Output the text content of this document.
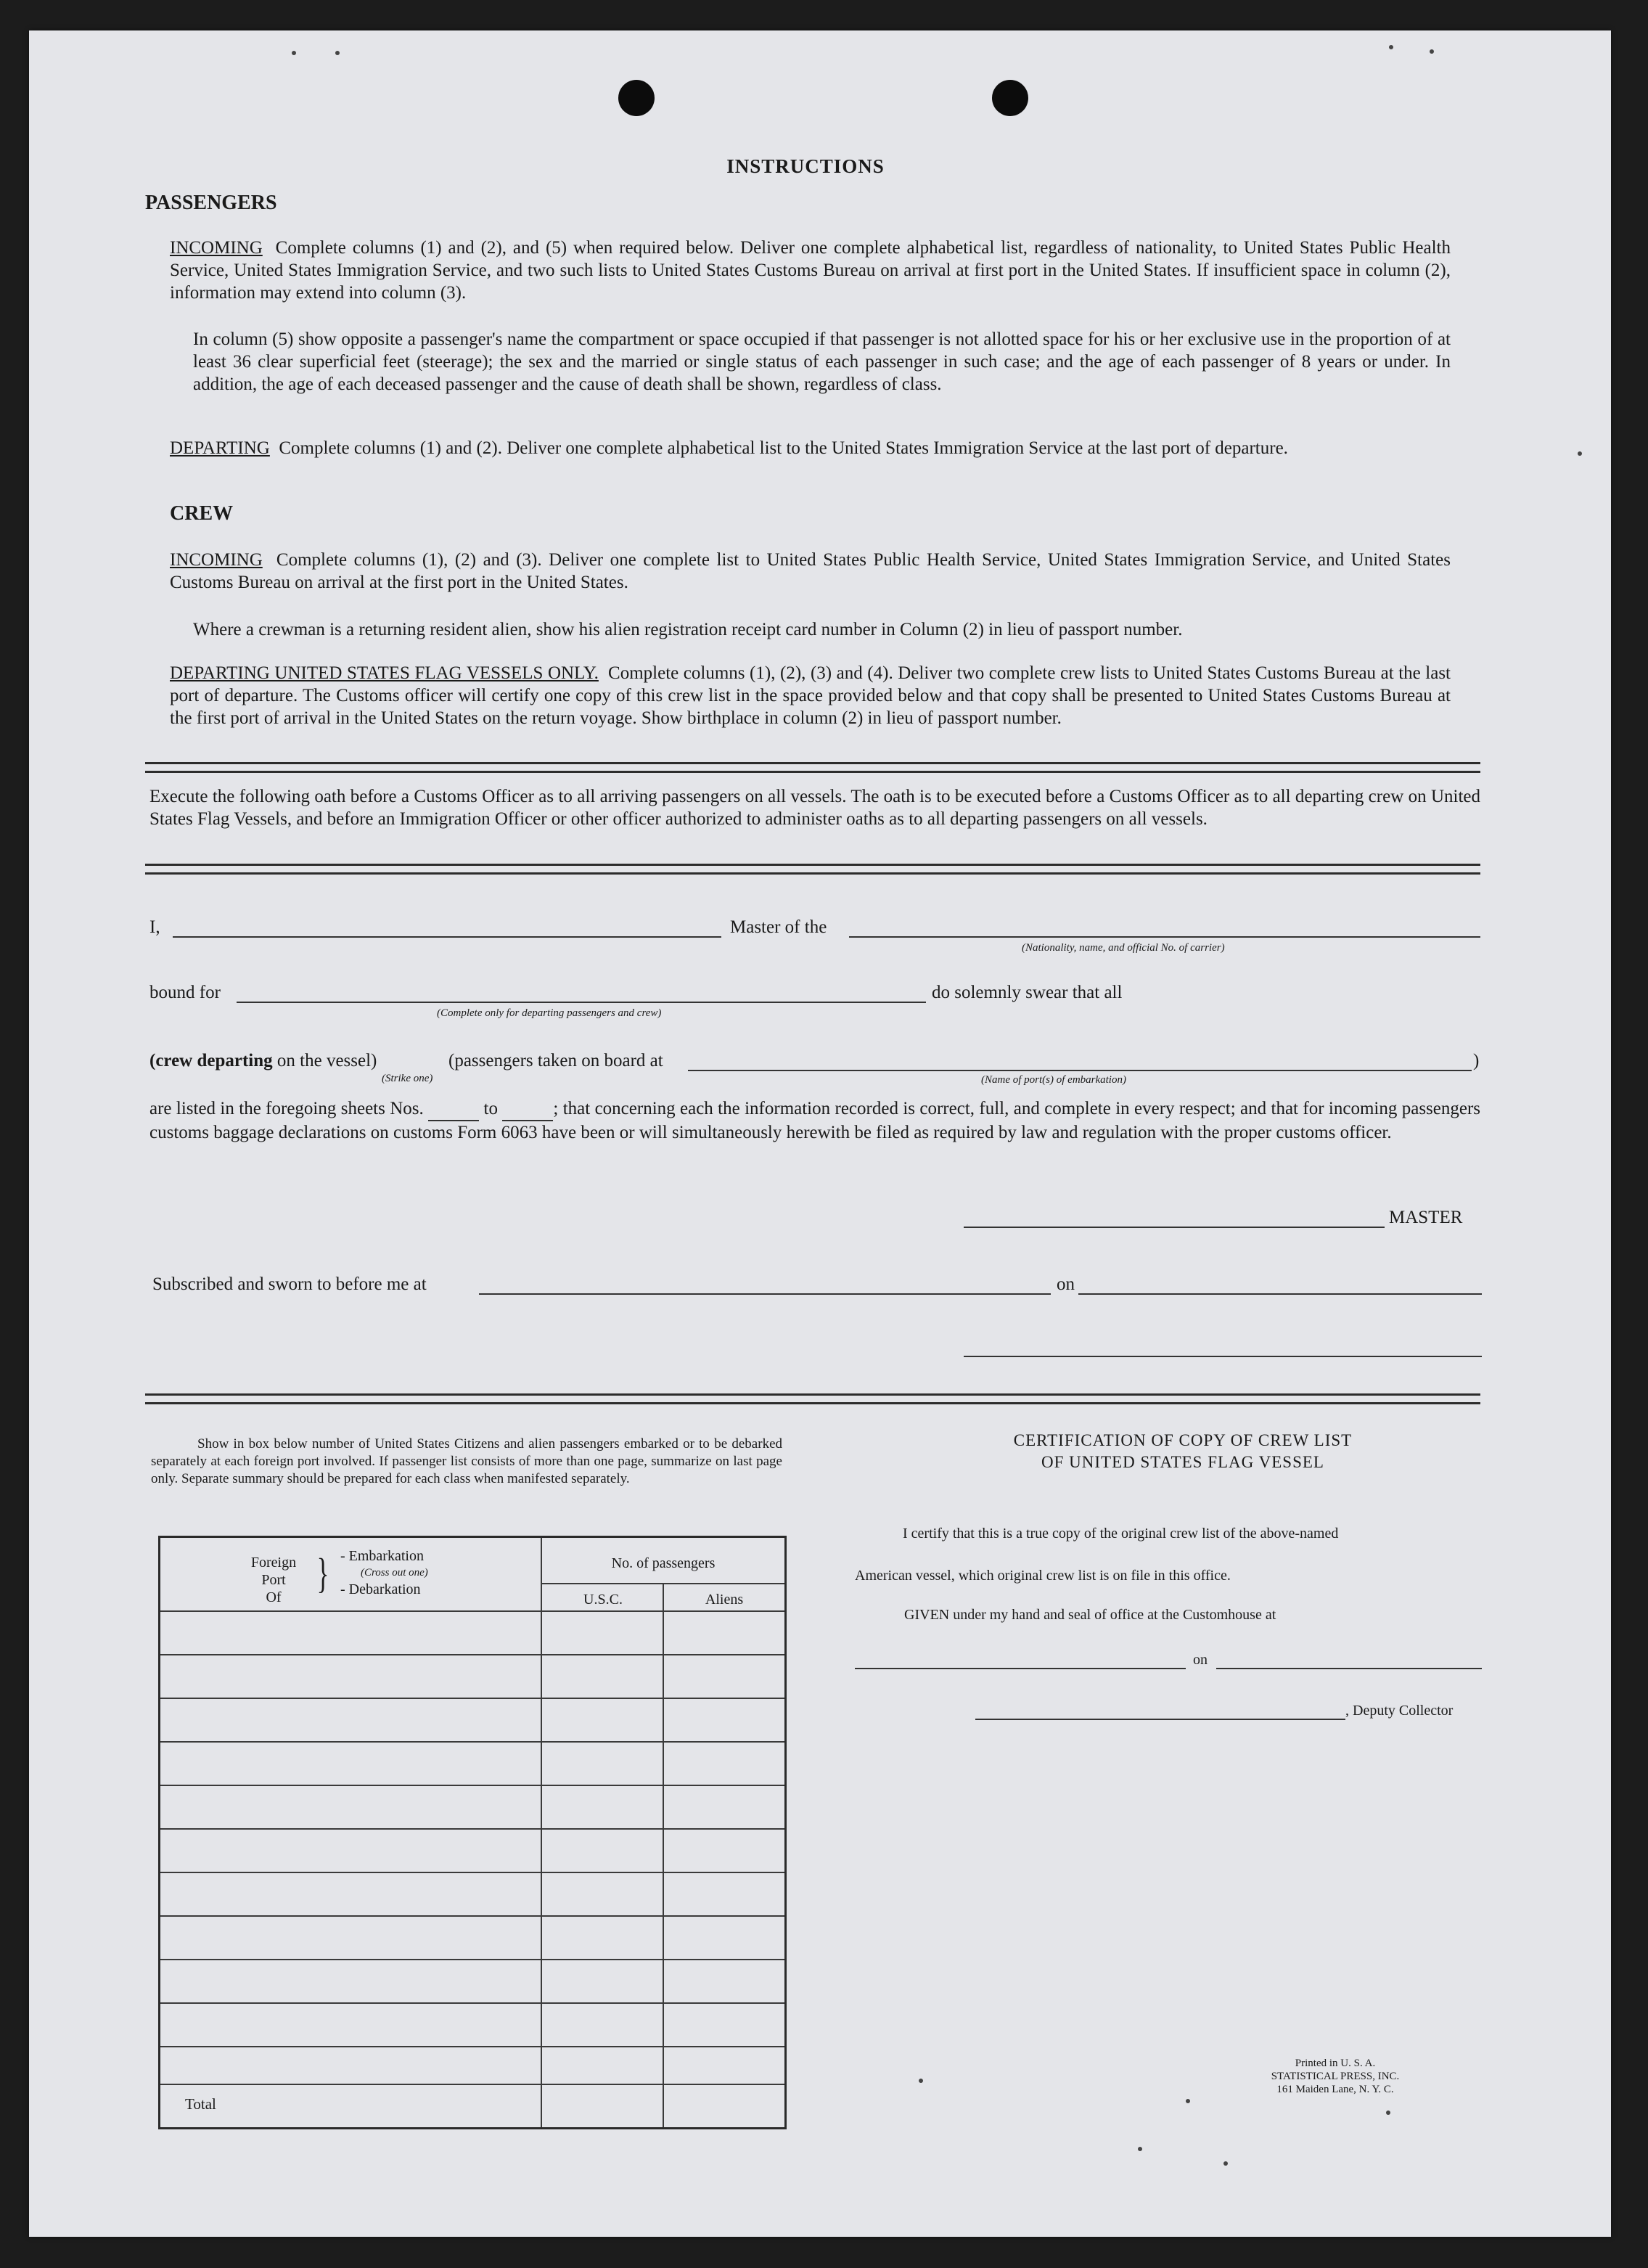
INSTRUCTIONS
PASSENGERS
INCOMING Complete columns (1) and (2), and (5) when required below. Deliver one complete alphabetical list, regardless of nationality, to United States Public Health Service, United States Immigration Service, and two such lists to United States Customs Bureau on arrival at first port in the United States. If insufficient space in column (2), information may extend into column (3).
In column (5) show opposite a passenger's name the compartment or space occupied if that passenger is not allotted space for his or her exclusive use in the proportion of at least 36 clear superficial feet (steerage); the sex and the married or single status of each passenger in such case; and the age of each passenger of 8 years or under. In addition, the age of each deceased passenger and the cause of death shall be shown, regardless of class.
DEPARTING Complete columns (1) and (2). Deliver one complete alphabetical list to the United States Immigration Service at the last port of departure.
CREW
INCOMING Complete columns (1), (2) and (3). Deliver one complete list to United States Public Health Service, United States Immigration Service, and United States Customs Bureau on arrival at the first port in the United States.
Where a crewman is a returning resident alien, show his alien registration receipt card number in Column (2) in lieu of passport number.
DEPARTING UNITED STATES FLAG VESSELS ONLY. Complete columns (1), (2), (3) and (4). Deliver two complete crew lists to United States Customs Bureau at the last port of departure. The Customs officer will certify one copy of this crew list in the space provided below and that copy shall be presented to United States Customs Bureau at the first port of arrival in the United States on the return voyage. Show birthplace in column (2) in lieu of passport number.
Execute the following oath before a Customs Officer as to all arriving passengers on all vessels. The oath is to be executed before a Customs Officer as to all departing crew on United States Flag Vessels, and before an Immigration Officer or other officer authorized to administer oaths as to all departing passengers on all vessels.
I,	Master of the
(Nationality, name, and official No. of carrier)
bound for
(Complete only for departing passengers and crew)
do solemnly swear that all
(crew departing on the vessel)
(Strike one)
(passengers taken on board at	)
(Name of port(s) of embarkation)
are listed in the foregoing sheets Nos.	to	; that concerning each the information recorded is correct, full, and complete in every respect; and that for incoming passengers customs baggage declarations on customs Form 6063 have been or will simultaneously herewith be filed as required by law and regulation with the proper customs officer.
MASTER
Subscribed and sworn to before me at	on
Show in box below number of United States Citizens and alien passengers embarked or to be debarked separately at each foreign port involved. If passenger list consists of more than one page, summarize on last page only. Separate summary should be prepared for each class when manifested separately.
Foreign
Port
Of
} - Embarkation
(Cross out one)
- Debarkation
No. of passengers
U.S.C.	Aliens
Total
CERTIFICATION OF COPY OF CREW LIST
OF UNITED STATES FLAG VESSEL
I certify that this is a true copy of the original crew list of the above-named
American vessel, which original crew list is on file in this office.
GIVEN under my hand and seal of office at the Customhouse at
on
, Deputy Collector
Printed in U. S. A.
STATISTICAL PRESS, INC.
161 Maiden Lane, N. Y. C.
